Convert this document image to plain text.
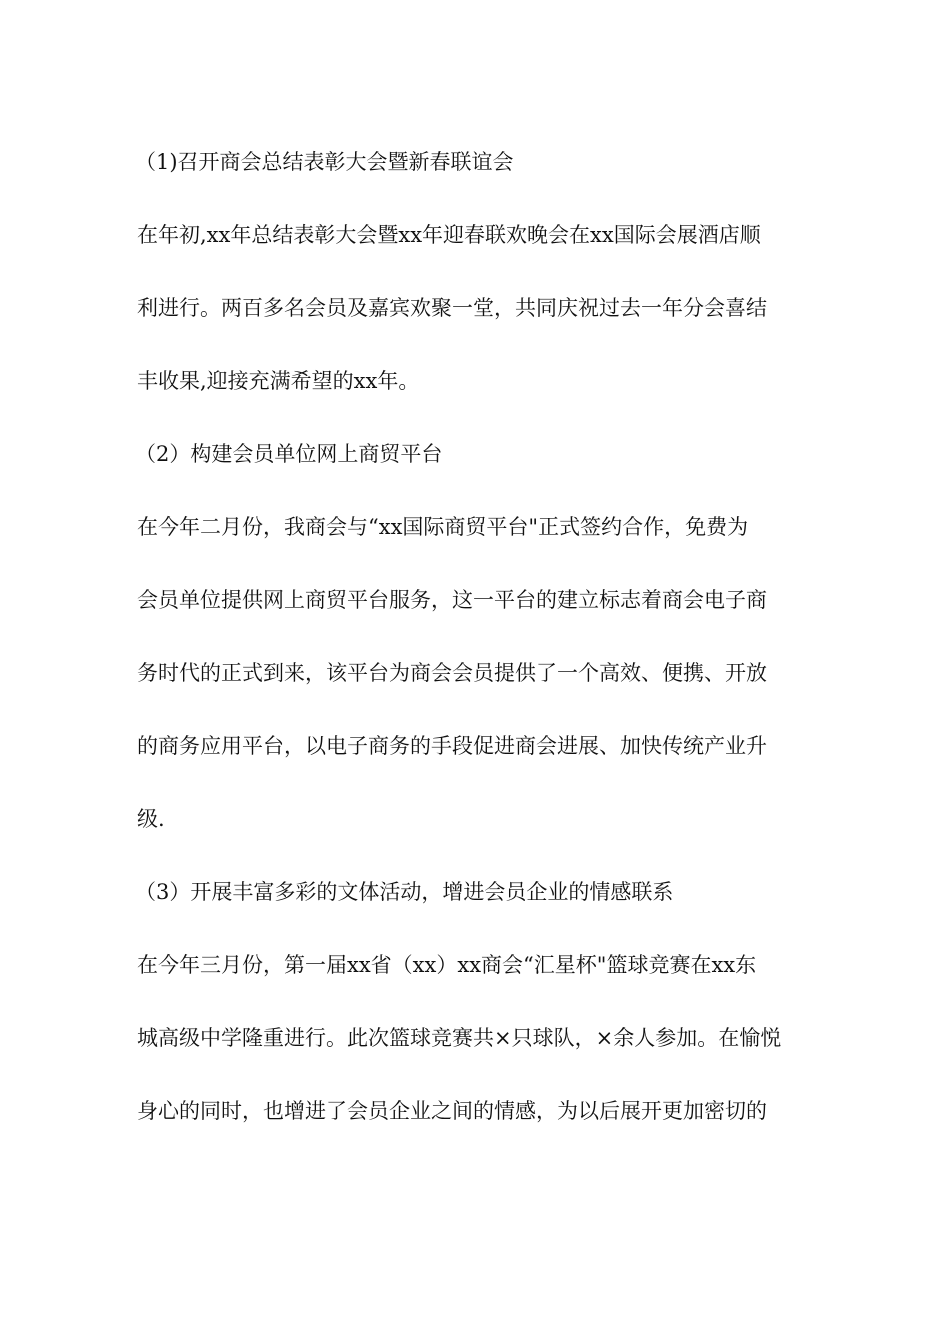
（1)召开商会总结表彰大会暨新春联谊会
在年初,xx年总结表彰大会暨xx年迎春联欢晚会在xx国际会展酒店顺
利进行。两百多名会员及嘉宾欢聚一堂，共同庆祝过去一年分会喜结
丰收果,迎接充满希望的xx年。
（2）构建会员单位网上商贸平台
在今年二月份，我商会与“xx国际商贸平台"正式签约合作，免费为
会员单位提供网上商贸平台服务，这一平台的建立标志着商会电子商
务时代的正式到来，该平台为商会会员提供了一个高效、便携、开放
的商务应用平台，以电子商务的手段促进商会进展、加快传统产业升
级.
（3）开展丰富多彩的文体活动，增进会员企业的情感联系
在今年三月份，第一届xx省（xx）xx商会“汇星杯"篮球竞赛在xx东
城高级中学隆重进行。此次篮球竞赛共×只球队，×余人参加。在愉悦
身心的同时，也增进了会员企业之间的情感，为以后展开更加密切的
